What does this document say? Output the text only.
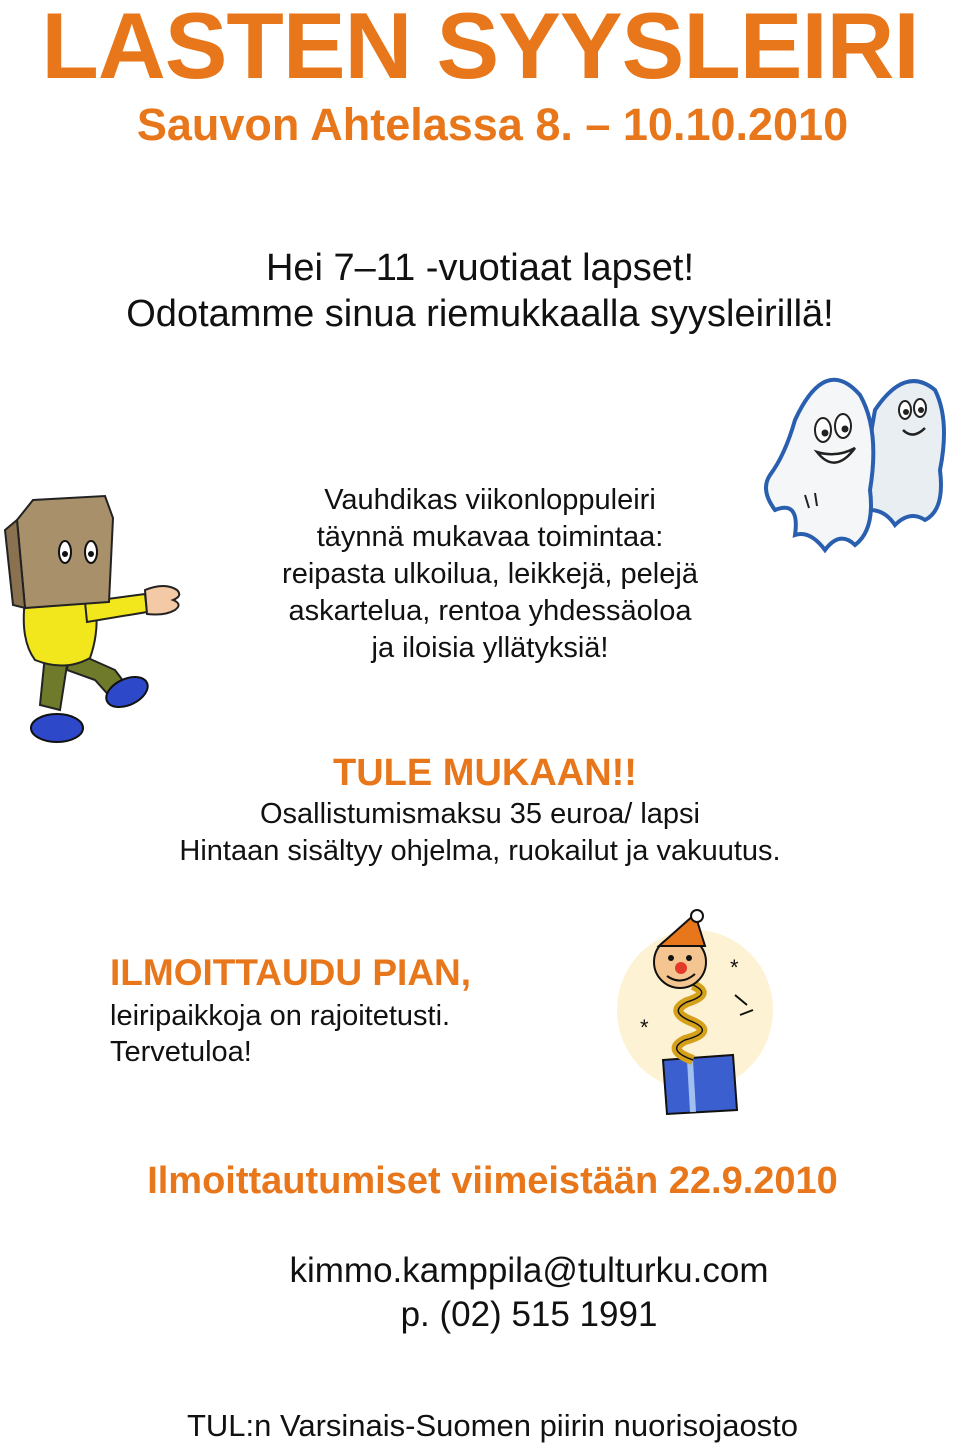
LASTEN SYYSLEIRI
Sauvon Ahtelassa 8. – 10.10.2010
Hei 7–11 -vuotiaat lapset!
Odotamme sinua riemukkaalla syysleirillä!
Vauhdikas viikonloppuleiri
täynnä mukavaa toimintaa:
reipasta ulkoilua, leikkejä, pelejä
askartelua, rentoa yhdessäoloa
ja iloisia yllätyksiä!
TULE MUKAAN!!
Osallistumismaksu 35 euroa/ lapsi
Hintaan sisältyy ohjelma, ruokailut ja vakuutus.
ILMOITTAUDU PIAN,
leiripaikkoja on rajoitetusti.
Tervetuloa!
*
*
Ilmoittautumiset viimeistään 22.9.2010
kimmo.kamppila@tulturku.com
p. (02) 515 1991
TUL:n Varsinais-Suomen piirin nuorisojaosto
